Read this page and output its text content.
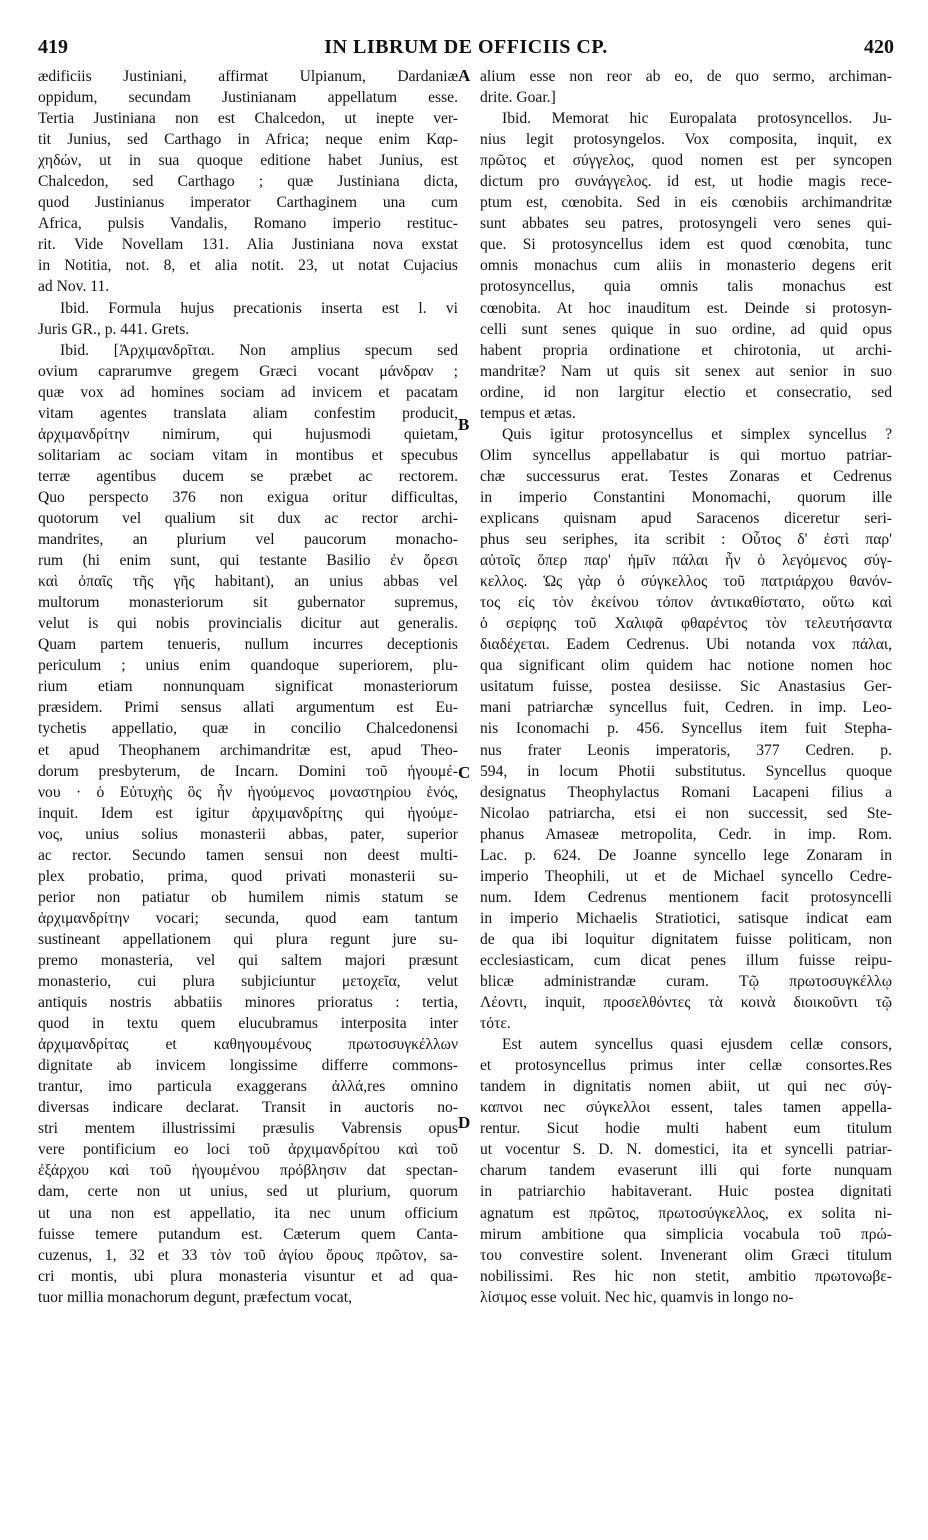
419	IN LIBRUM DE OFFICIIS CP.	420
ædificiis Justiniani, affirmat Ulpianum, Dardaniæ
oppidum, secundam Justinianam appellatum esse.
Tertia Justiniana non est Chalcedon, ut inepte ver-
tit Junius, sed Carthago in Africa; neque enim Καρ-
χηδών, ut in sua quoque editione habet Junius, est
Chalcedon, sed Carthago ; quæ Justiniana dicta,
quod Justinianus imperator Carthaginem una cum
Africa, pulsis Vandalis, Romano imperio restituc-
rit. Vide Novellam 131. Alia Justiniana nova exstat
in Notitia, not. 8, et alia notit. 23, ut notat Cujacius
ad Nov. 11.
Ibid. Formula hujus precationis inserta est l. vi
Juris GR., p. 441. Grets.
Ibid. [Ἀρχιμανδρῖται. Non amplius specum sed
ovium caprarumve gregem Græci vocant μάνδραν ;
quæ vox ad homines sociam ad invicem et pacatam
vitam agentes translata aliam confestim producit,
ἀρχιμανδρίτην nimirum, qui hujusmodi quietam,
solitariam ac sociam vitam in montibus et specubus
terræ agentibus ducem se præbet ac rectorem.
Quo perspecto 376 non exigua oritur difficultas,
quotorum vel qualium sit dux ac rector archi-
mandrites, an plurium vel paucorum monacho-
rum (hi enim sunt, qui testante Basilio ἐν ὄρεσι
καὶ ὀπαῖς τῆς γῆς habitant), an unius abbas vel
multorum monasteriorum sit gubernator supremus,
velut is qui nobis provincialis dicitur aut generalis.
Quam partem tenueris, nullum incurres deceptionis
periculum ; unius enim quandoque superiorem, plu-
rium etiam nonnunquam significat monasteriorum
præsidem. Primi sensus allati argumentum est Eu-
tychetis appellatio, quæ in concilio Chalcedonensi
et apud Theophanem archimandritæ est, apud Theo-
dorum presbyterum, de Incarn. Domini τοῦ ἡγουμέ-
νου · ὁ Εὐτυχὴς ὃς ἦν ἡγούμενος μοναστηρίου ἑνός,
inquit. Idem est igitur ἀρχιμανδρίτης qui ἡγούμε-
νος, unius solius monasterii abbas, pater, superior
ac rector. Secundo tamen sensui non deest multi-
plex probatio, prima, quod privati monasterii su-
perior non patiatur ob humilem nimis statum se
ἀρχιμανδρίτην vocari; secunda, quod eam tantum
sustineant appellationem qui plura regunt jure su-
premo monasteria, vel qui saltem majori præsunt
monasterio, cui plura subjiciuntur μετοχεῖα, velut
antiquis nostris abbatiis minores prioratus : tertia,
quod in textu quem elucubramus interposita inter
ἀρχιμανδρίτας et καθηγουμένους πρωτοσυγκέλλων
dignitate ab invicem longissime differre commons-
trantur, imo particula exaggerans ἀλλά,res omnino
diversas indicare declarat. Transit in auctoris no-
stri mentem illustrissimi præsulis Vabrensis opus
vere pontificium eo loci τοῦ ἀρχιμανδρίτου καὶ τοῦ
ἐξάρχου καὶ τοῦ ἡγουμένου πρόβλησιν dat spectan-
dam, certe non ut unius, sed ut plurium, quorum
ut una non est appellatio, ita nec unum officium
fuisse temere putandum est. Cæterum quem Canta-
cuzenus, 1, 32 et 33 τὸν τοῦ ἁγίου ὄρους πρῶτον, sa-
cri montis, ubi plura monasteria visuntur et ad qua-
tuor millia monachorum degunt, præfectum vocat,
alium esse non reor ab eo, de quo sermo, archiman-
drite. Goar.]
Ibid. Memorat hic Europalata protosyncellos. Ju-
nius legit protosyngelos. Vox composita, inquit, ex
πρῶτος et σύγγελος, quod nomen est per syncopen
dictum pro συνάγγελος. id est, ut hodie magis rece-
ptum est, cœnobita. Sed in eis cœnobiis archimandritæ
sunt abbates seu patres, protosyngeli vero senes qui-
que. Si protosyncellus idem est quod cœnobita, tunc
omnis monachus cum aliis in monasterio degens erit
protosyncellus, quia omnis talis monachus est
cœnobita. At hoc inauditum est. Deinde si protosyn-
celli sunt senes quique in suo ordine, ad quid opus
habent propria ordinatione et chirotonia, ut archi-
mandritæ? Nam ut quis sit senex aut senior in suo
ordine, id non largitur electio et consecratio, sed
tempus et ætas.
Quis igitur protosyncellus et simplex syncellus ?
Olim syncellus appellabatur is qui mortuo patriar-
chæ successurus erat. Testes Zonaras et Cedrenus
in imperio Constantini Monomachi, quorum ille
explicans quisnam apud Saracenos diceretur seri-
phus seu seriphes, ita scribit : Οὗτος δ' ἐστὶ παρ'
αὐτοῖς ὅπερ παρ' ἡμῖν πάλαι ἦν ὁ λεγόμενος σύγ-
κελλος. Ὡς γὰρ ὁ σύγκελλος τοῦ πατριάρχου θανόν-
τος εἰς τὸν ἐκείνου τόπον ἀντικαθίστατο, οὕτω καὶ
ὁ σερίφης τοῦ Χαλιφᾶ φθαρέντος τὸν τελευτήσαντα
διαδέχεται. Eadem Cedrenus. Ubi notanda vox πάλαι,
qua significant olim quidem hac notione nomen hoc
usitatum fuisse, postea desiisse. Sic Anastasius Ger-
mani patriarchæ syncellus fuit, Cedren. in imp. Leo-
nis Iconomachi p. 456. Syncellus item fuit Stepha-
nus frater Leonis imperatoris, 377 Cedren. p.
594, in locum Photii substitutus. Syncellus quoque
designatus Theophylactus Romani Lacapeni filius a
Nicolao patriarcha, etsi ei non successit, sed Ste-
phanus Amaseæ metropolita, Cedr. in imp. Rom.
Lac. p. 624. De Joanne syncello lege Zonaram in
imperio Theophili, ut et de Michael syncello Cedre-
num. Idem Cedrenus mentionem facit protosyncelli
in imperio Michaelis Stratiotici, satisque indicat eam
de qua ibi loquitur dignitatem fuisse politicam, non
ecclesiasticam, cum dicat penes illum fuisse reipu-
blicæ administrandæ curam. Τῷ πρωτοσυγκέλλῳ
Λέοντι, inquit, προσελθόντες τὰ κοινὰ διοικοῦντι τῷ
τότε.
Est autem syncellus quasi ejusdem cellæ consors,
et protosyncellus primus inter cellæ consortes.Res
tandem in dignitatis nomen abiit, ut qui nec σύγ-
καπνοι nec σύγκελλοι essent, tales tamen appella-
rentur. Sicut hodie multi habent eum titulum
ut vocentur S. D. N. domestici, ita et syncelli patriar-
charum tandem evaserunt illi qui forte nunquam
in patriarchio habitaverant. Huic postea dignitati
agnatum est πρῶτος, πρωτοσύγκελλος, ex solita ni-
mirum ambitione qua simplicia vocabula τοῦ πρώ-
του convestire solent. Invenerant olim Græci titulum
nobilissimi. Res hic non stetit, ambitio πρωτονωβε-
λίσιμος esse voluit. Nec hic, quamvis in longo no-
A
B
C
D
